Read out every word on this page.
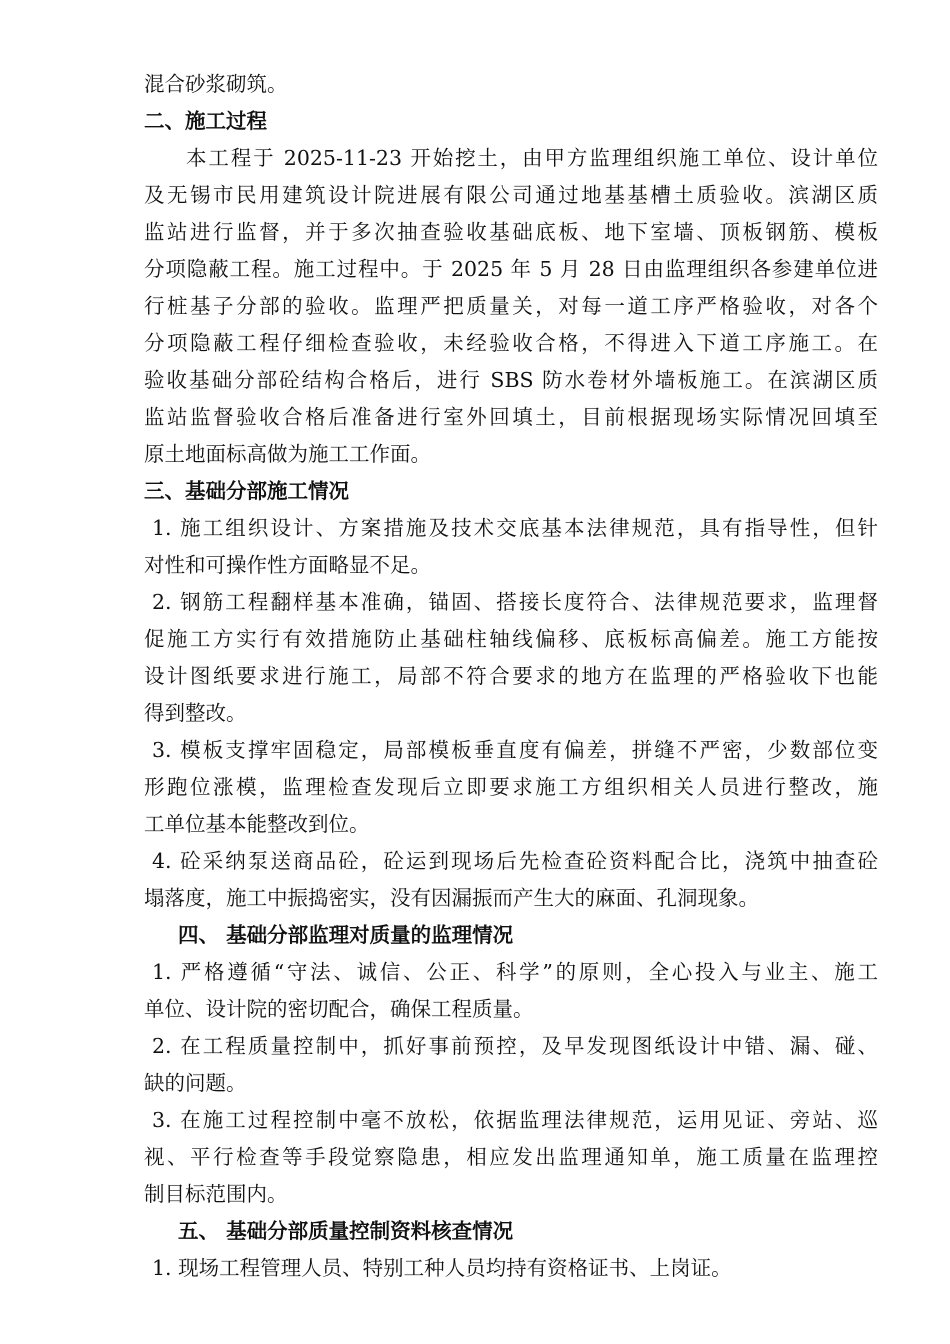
混合砂浆砌筑。
二、施工过程
本工程于 2025-11-23 开始挖土，由甲方监理组织施工单位、设计单位
及无锡市民用建筑设计院进展有限公司通过地基基槽土质验收。滨湖区质
监站进行监督，并于多次抽查验收基础底板、地下室墙、顶板钢筋、模板
分项隐蔽工程。施工过程中。于 2025 年 5 月 28 日由监理组织各参建单位进
行桩基子分部的验收。监理严把质量关，对每一道工序严格验收，对各个
分项隐蔽工程仔细检查验收，未经验收合格，不得进入下道工序施工。在
验收基础分部砼结构合格后，进行 SBS 防水卷材外墙板施工。在滨湖区质
监站监督验收合格后准备进行室外回填土，目前根据现场实际情况回填至
原土地面标高做为施工工作面。
三、基础分部施工情况
1. 施工组织设计、方案措施及技术交底基本法律规范，具有指导性，但针
对性和可操作性方面略显不足。
2. 钢筋工程翻样基本准确，锚固、搭接长度符合、法律规范要求，监理督
促施工方实行有效措施防止基础柱轴线偏移、底板标高偏差。施工方能按
设计图纸要求进行施工，局部不符合要求的地方在监理的严格验收下也能
得到整改。
3. 模板支撑牢固稳定，局部模板垂直度有偏差，拼缝不严密，少数部位变
形跑位涨模，监理检查发现后立即要求施工方组织相关人员进行整改，施
工单位基本能整改到位。
4. 砼采纳泵送商品砼，砼运到现场后先检查砼资料配合比，浇筑中抽查砼
塌落度，施工中振捣密实，没有因漏振而产生大的麻面、孔洞现象。
四、 基础分部监理对质量的监理情况
1. 严格遵循“守法、诚信、公正、科学”的原则，全心投入与业主、施工
单位、设计院的密切配合，确保工程质量。
2. 在工程质量控制中，抓好事前预控，及早发现图纸设计中错、漏、碰、
缺的问题。
3. 在施工过程控制中毫不放松，依据监理法律规范，运用见证、旁站、巡
视、平行检查等手段觉察隐患，相应发出监理通知单，施工质量在监理控
制目标范围内。
五、 基础分部质量控制资料核查情况
1. 现场工程管理人员、特别工种人员均持有资格证书、上岗证。
